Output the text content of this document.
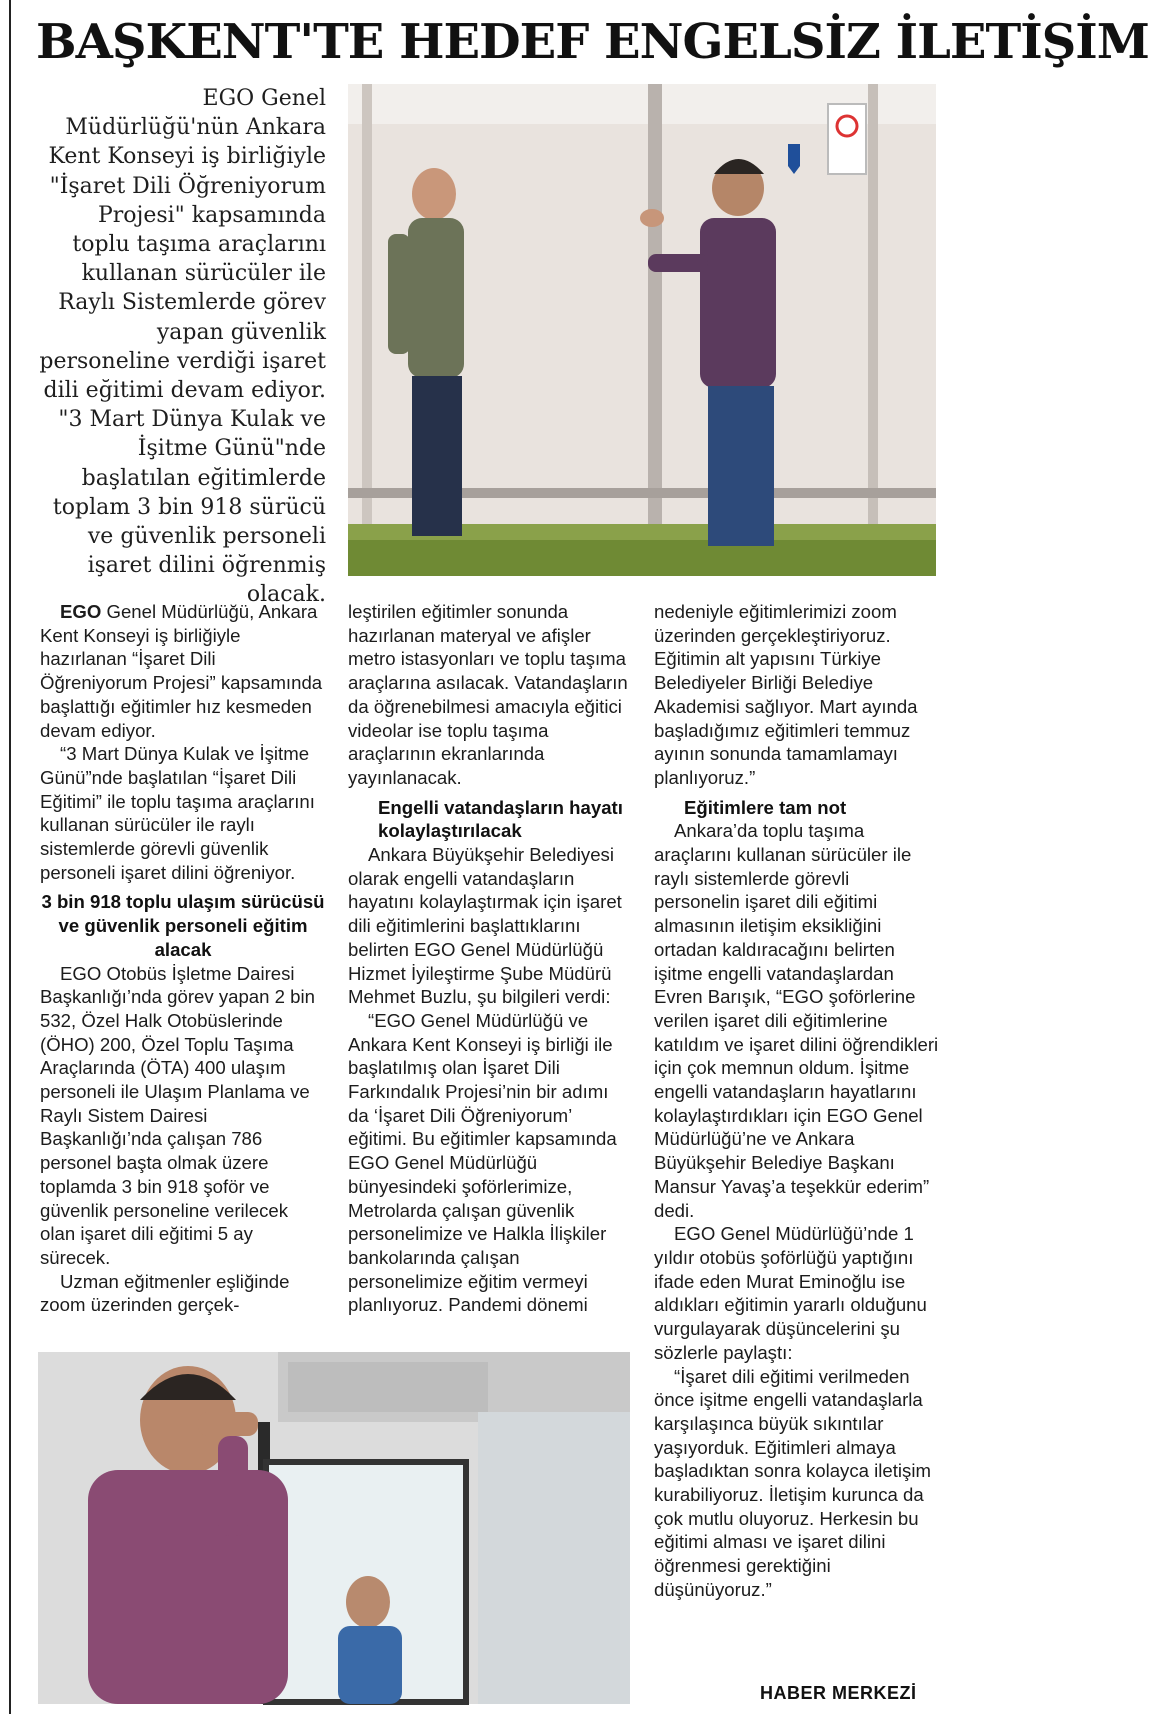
BAŞKENT'TE HEDEF ENGELSİZ İLETİŞİM

EGO Genel Müdürlüğü'nün Ankara Kent Konseyi iş birliğiyle "İşaret Dili Öğreniyorum Projesi" kapsamında toplu taşıma araçlarını kullanan sürücüler ile Raylı Sistemlerde görev yapan güvenlik personeline verdiği işaret dili eğitimi devam ediyor. "3 Mart Dünya Kulak ve İşitme Günü"nde başlatılan eğitimlerde toplam 3 bin 918 sürücü ve güvenlik personeli işaret dilini öğrenmiş olacak.

EGO Genel Müdürlüğü, Ankara Kent Konseyi iş birliğiyle hazırlanan “İşaret Dili Öğreniyorum Projesi” kapsamında başlattığı eğitimler hız kesmeden devam ediyor.

“3 Mart Dünya Kulak ve İşitme Günü”nde başlatılan “İşaret Dili Eğitimi” ile toplu taşıma araçlarını kullanan sürücüler ile raylı sistemlerde görevli güvenlik personeli işaret dilini öğreniyor.

3 bin 918 toplu ulaşım sürücüsü ve güvenlik personeli eğitim alacak

EGO Otobüs İşletme Dairesi Başkanlığı’nda görev yapan 2 bin 532, Özel Halk Otobüslerinde (ÖHO) 200, Özel Toplu Taşıma Araçlarında (ÖTA) 400 ulaşım personeli ile Ulaşım Planlama ve Raylı Sistem Dairesi Başkanlığı’nda çalışan 786 personel başta olmak üzere toplamda 3 bin 918 şoför ve güvenlik personeline verilecek olan işaret dili eğitimi 5 ay sürecek.

Uzman eğitmenler eşliğinde zoom üzerinden gerçek-

leştirilen eğitimler sonunda hazırlanan materyal ve afişler metro istasyonları ve toplu taşıma araçlarına asılacak. Vatandaşların da öğrenebilmesi amacıyla eğitici videolar ise toplu taşıma araçlarının ekranlarında yayınlanacak.

Engelli vatandaşların hayatı kolaylaştırılacak

Ankara Büyükşehir Belediyesi olarak engelli vatandaşların hayatını kolaylaştırmak için işaret dili eğitimlerini başlattıklarını belirten EGO Genel Müdürlüğü Hizmet İyileştirme Şube Müdürü Mehmet Buzlu, şu bilgileri verdi:

“EGO Genel Müdürlüğü ve Ankara Kent Konseyi iş birliği ile başlatılmış olan İşaret Dili Farkındalık Projesi’nin bir adımı da ‘İşaret Dili Öğreniyorum’ eğitimi. Bu eğitimler kapsamında EGO Genel Müdürlüğü bünyesindeki şoförlerimize, Metrolarda çalışan güvenlik personelimize ve Halkla İlişkiler bankolarında çalışan personelimize eğitim vermeyi planlıyoruz. Pandemi dönemi

nedeniyle eğitimlerimizi zoom üzerinden gerçekleştiriyoruz. Eğitimin alt yapısını Türkiye Belediyeler Birliği Belediye Akademisi sağlıyor. Mart ayında başladığımız eğitimleri temmuz ayının sonunda tamamlamayı planlıyoruz.”

Eğitimlere tam not

Ankara’da toplu taşıma araçlarını kullanan sürücüler ile raylı sistemlerde görevli personelin işaret dili eğitimi almasının iletişim eksikliğini ortadan kaldıracağını belirten işitme engelli vatandaşlardan Evren Barışık, “EGO şoförlerine verilen işaret dili eğitimlerine katıldım ve işaret dilini öğrendikleri için çok memnun oldum. İşitme engelli vatandaşların hayatlarını kolaylaştırdıkları için EGO Genel Müdürlüğü’ne ve Ankara Büyükşehir Belediye Başkanı Mansur Yavaş’a teşekkür ederim” dedi.

EGO Genel Müdürlüğü’nde 1 yıldır otobüs şoförlüğü yaptığını ifade eden Murat Eminoğlu ise aldıkları eğitimin yararlı olduğunu vurgulayarak düşüncelerini şu sözlerle paylaştı:

“İşaret dili eğitimi verilmeden önce işitme engelli vatandaşlarla karşılaşınca büyük sıkıntılar yaşıyorduk. Eğitimleri almaya başladıktan sonra kolayca iletişim kurabiliyoruz. İletişim kurunca da çok mutlu oluyoruz. Herkesin bu eğitimi alması ve işaret dilini öğrenmesi gerektiğini düşünüyoruz.”

HABER MERKEZİ
